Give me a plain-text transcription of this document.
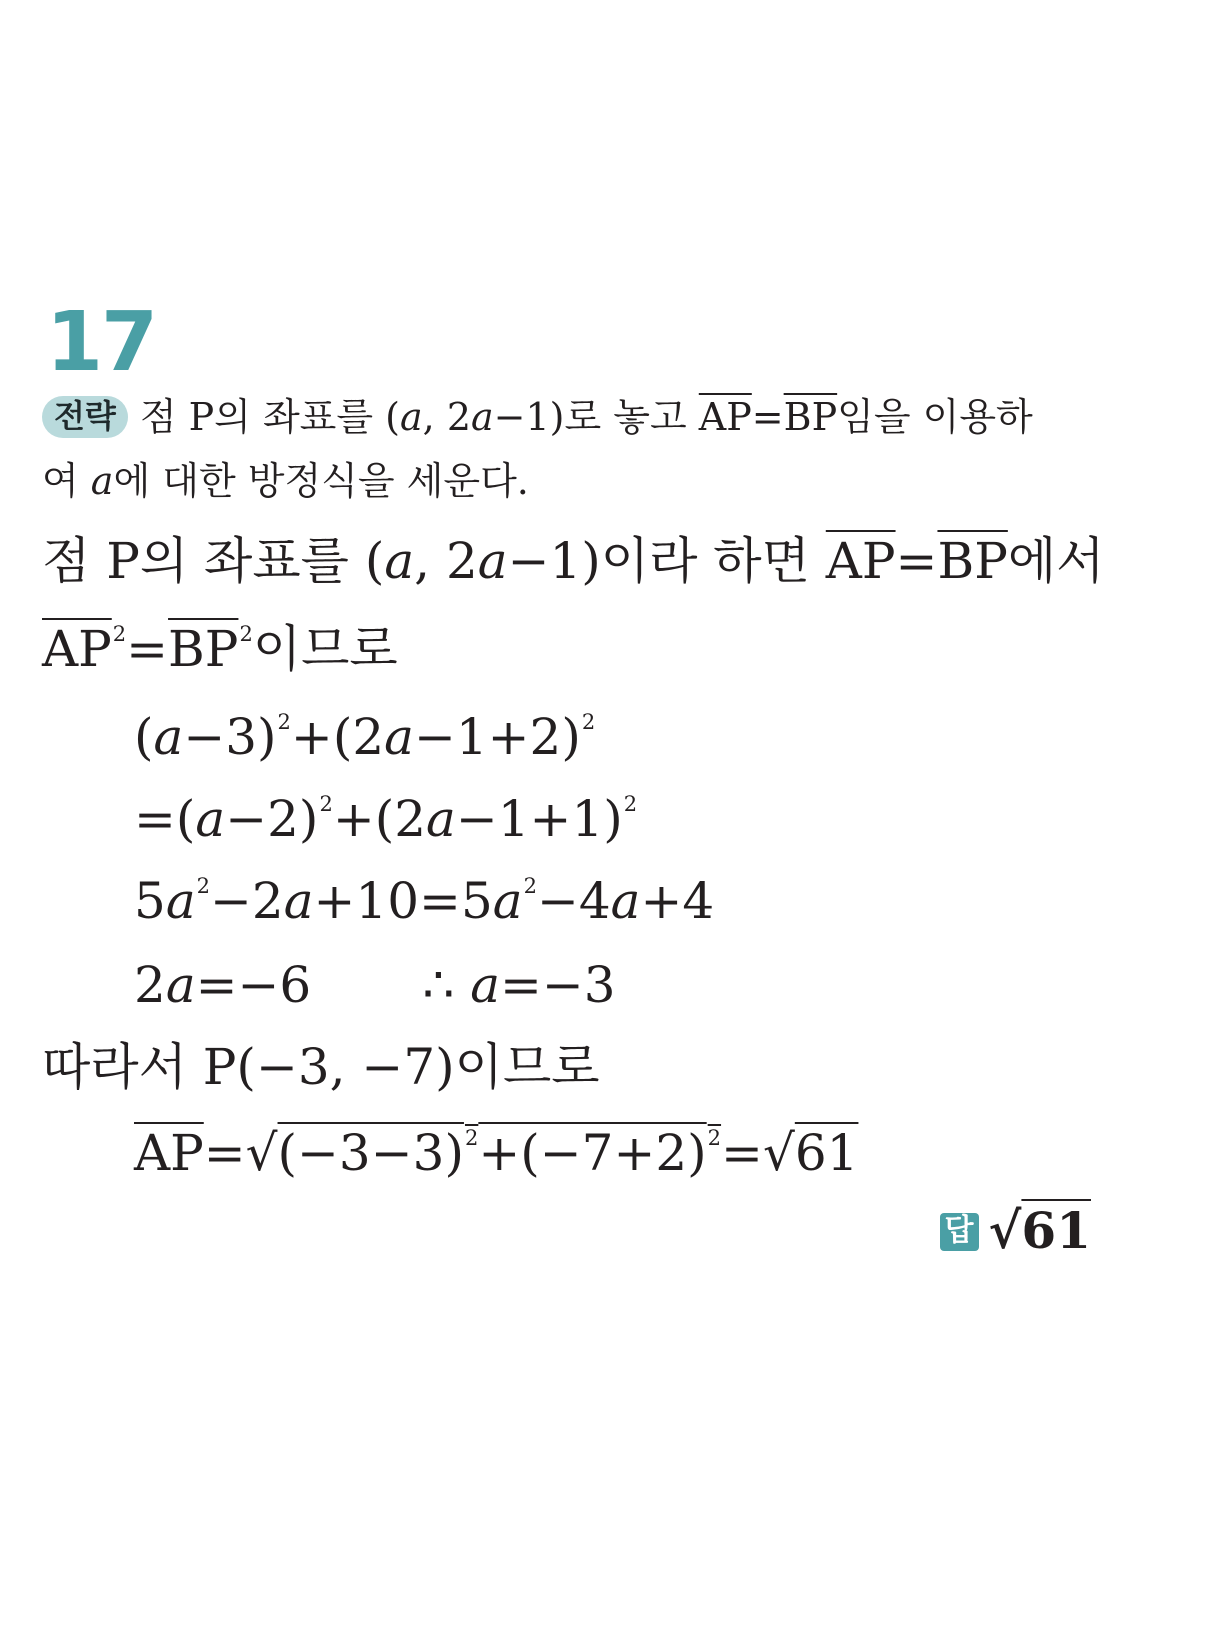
17
전략 점 P의 좌표를 (a, 2a−1)로 놓고 $\overline{AP}=\overline{BP}$임을 이용하
여 a에 대한 방정식을 세운다.
점 P의 좌표를 (a, 2a−1)이라 하면 $\overline{AP}=\overline{BP}$에서
$\overline{AP}^2=\overline{BP}^2$이므로
$(a-3)^2+(2a-1+2)^2$
$=(a-2)^2+(2a-1+1)^2$
$5a^2-2a+10=5a^2-4a+4$
2a=−6       ∴ a=−3
따라서 P(−3, −7)이므로
$\overline{AP}=√(-3-3)^2+(-7+2)^2=√61$
답 √61
